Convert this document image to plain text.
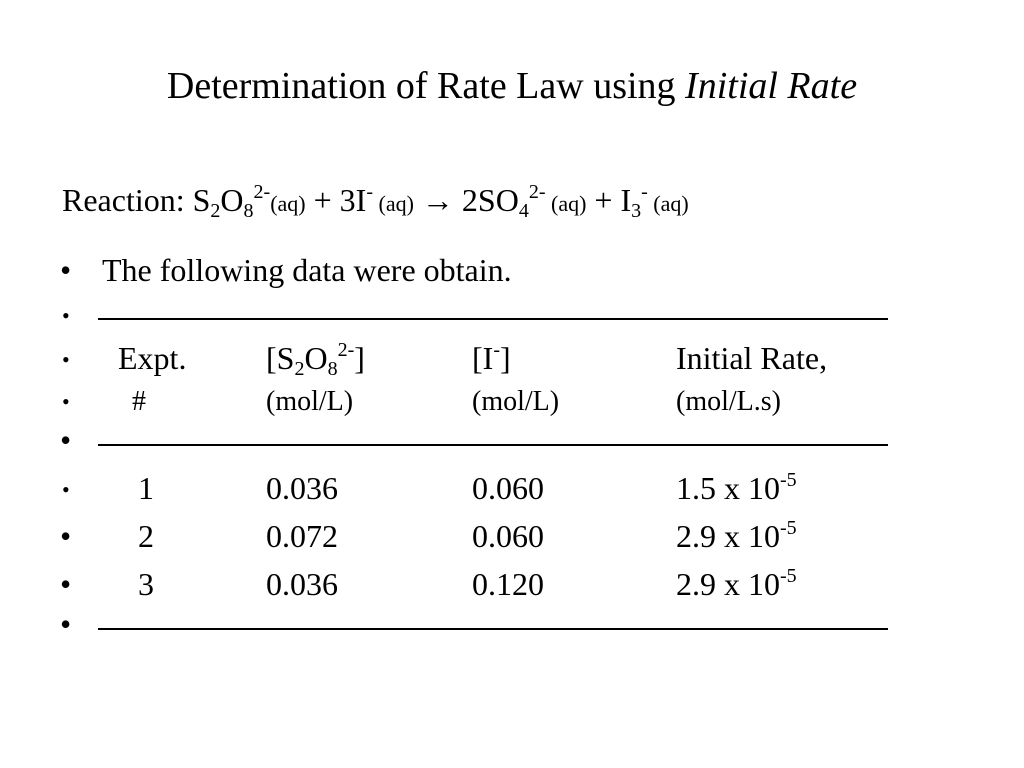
Determination of Rate Law using Initial Rate
Reaction: $S_2O_8^{2-}(aq) + 3I^-$ $(aq) \to 2SO_4^{2-}$ $(aq) + I_3^-$ (aq)
• The following data were obtain.
•
• Expt. $[S_2O_8^{2-}]$	[I-]	Initial Rate,
• #	(mol/L)	(mol/L)	(mol/L.s)
•
• 1	0.036	0.060	1.5 x $10^{-5}$
• 2	0.072	0.060	2.9 x $10^{-5}$
• 3	0.036	0.120	2.9 x $10^{-5}$
•
